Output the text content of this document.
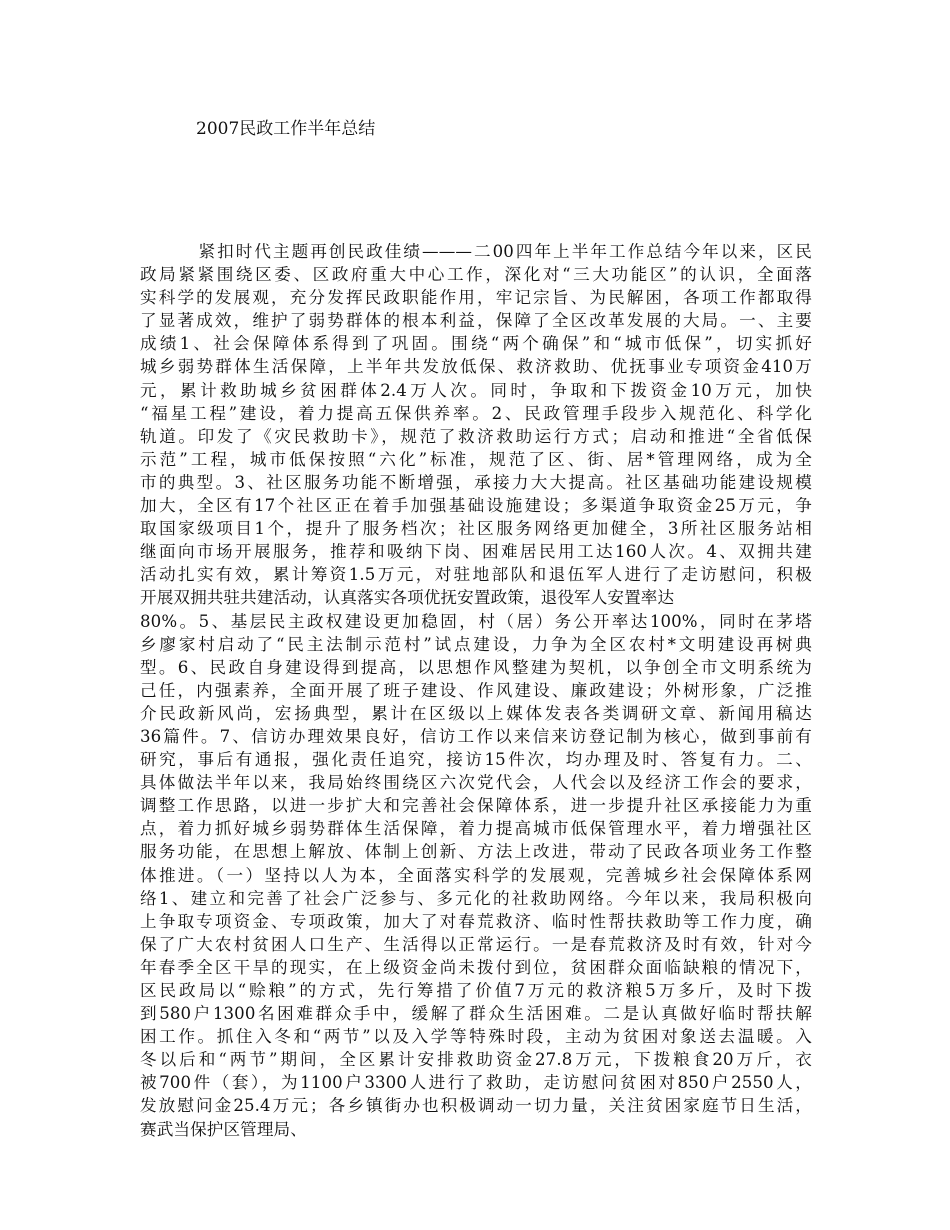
2007民政工作半年总结
紧扣时代主题再创民政佳绩———二00四年上半年工作总结今年以来，区民
政局紧紧围绕区委、区政府重大中心工作，深化对“三大功能区”的认识，全面落
实科学的发展观，充分发挥民政职能作用，牢记宗旨、为民解困，各项工作都取得
了显著成效，维护了弱势群体的根本利益，保障了全区改革发展的大局。一、主要
成绩1、社会保障体系得到了巩固。围绕“两个确保”和“城市低保”，切实抓好
城乡弱势群体生活保障，上半年共发放低保、救济救助、优抚事业专项资金410万
元，累计救助城乡贫困群体2.4万人次。同时，争取和下拨资金10万元，加快
“福星工程”建设，着力提高五保供养率。2、民政管理手段步入规范化、科学化
轨道。印发了《灾民救助卡》，规范了救济救助运行方式；启动和推进“全省低保
示范”工程，城市低保按照“六化”标准，规范了区、街、居*管理网络，成为全
市的典型。3、社区服务功能不断增强，承接力大大提高。社区基础功能建设规模
加大，全区有17个社区正在着手加强基础设施建设；多渠道争取资金25万元，争
取国家级项目1个，提升了服务档次；社区服务网络更加健全，3所社区服务站相
继面向市场开展服务，推荐和吸纳下岗、困难居民用工达160人次。4、双拥共建
活动扎实有效，累计筹资1.5万元，对驻地部队和退伍军人进行了走访慰问，积极
开展双拥共驻共建活动，认真落实各项优抚安置政策，退役军人安置率达
80%。5、基层民主政权建设更加稳固，村（居）务公开率达100%，同时在茅塔
乡廖家村启动了“民主法制示范村”试点建设，力争为全区农村*文明建设再树典
型。6、民政自身建设得到提高，以思想作风整建为契机，以争创全市文明系统为
己任，内强素养，全面开展了班子建设、作风建设、廉政建设；外树形象，广泛推
介民政新风尚，宏扬典型，累计在区级以上媒体发表各类调研文章、新闻用稿达
36篇件。7、信访办理效果良好，信访工作以来信来访登记制为核心，做到事前有
研究，事后有通报，强化责任追究，接访15件次，均办理及时、答复有力。二、
具体做法半年以来，我局始终围绕区六次党代会，人代会以及经济工作会的要求，
调整工作思路，以进一步扩大和完善社会保障体系，进一步提升社区承接能力为重
点，着力抓好城乡弱势群体生活保障，着力提高城市低保管理水平，着力增强社区
服务功能，在思想上解放、体制上创新、方法上改进，带动了民政各项业务工作整
体推进。（一）坚持以人为本，全面落实科学的发展观，完善城乡社会保障体系网
络1、建立和完善了社会广泛参与、多元化的社救助网络。今年以来，我局积极向
上争取专项资金、专项政策，加大了对春荒救济、临时性帮扶救助等工作力度，确
保了广大农村贫困人口生产、生活得以正常运行。一是春荒救济及时有效，针对今
年春季全区干旱的现实，在上级资金尚未拨付到位，贫困群众面临缺粮的情况下，
区民政局以“赊粮”的方式，先行筹措了价值7万元的救济粮5万多斤，及时下拨
到580户1300名困难群众手中，缓解了群众生活困难。二是认真做好临时帮扶解
困工作。抓住入冬和“两节”以及入学等特殊时段，主动为贫困对象送去温暖。入
冬以后和“两节”期间，全区累计安排救助资金27.8万元，下拨粮食20万斤，衣
被700件（套），为1100户3300人进行了救助，走访慰问贫困对850户2550人，
发放慰问金25.4万元；各乡镇街办也积极调动一切力量，关注贫困家庭节日生活，
赛武当保护区管理局、
